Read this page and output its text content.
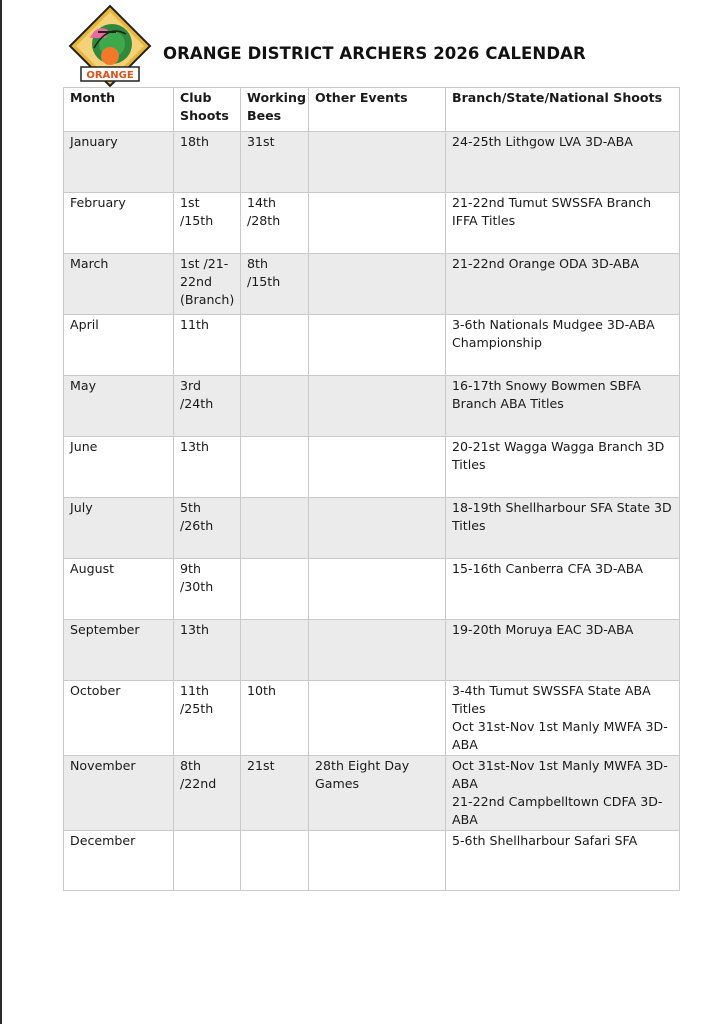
ORANGE
ORANGE DISTRICT ARCHERS 2026 CALENDAR
Month	Club Shoots	Working Bees	Other Events	Branch/State/National Shoots

January	18th	31st		24-25th Lithgow LVA 3D-ABA

February	1st /15th	14th /28th		21-22nd Tumut SWSSFA Branch IFFA Titles

March	1st /21-22nd (Branch)	8th /15th		21-22nd Orange ODA 3D-ABA

April	11th			3-6th Nationals Mudgee 3D-ABA Championship

May	3rd /24th			16-17th Snowy Bowmen SBFA Branch ABA Titles

June	13th			20-21st Wagga Wagga Branch 3D Titles

July	5th /26th			18-19th Shellharbour SFA State 3D Titles

August	9th /30th			15-16th Canberra CFA 3D-ABA

September	13th			19-20th Moruya EAC 3D-ABA

October	11th /25th	10th		3-4th Tumut SWSSFA State ABA Titles
Oct 31st-Nov 1st Manly MWFA 3D-ABA

November	8th /22nd	21st	28th Eight Day Games	Oct 31st-Nov 1st Manly MWFA 3D-ABA
21-22nd Campbelltown CDFA 3D-ABA

December				5-6th Shellharbour Safari SFA
